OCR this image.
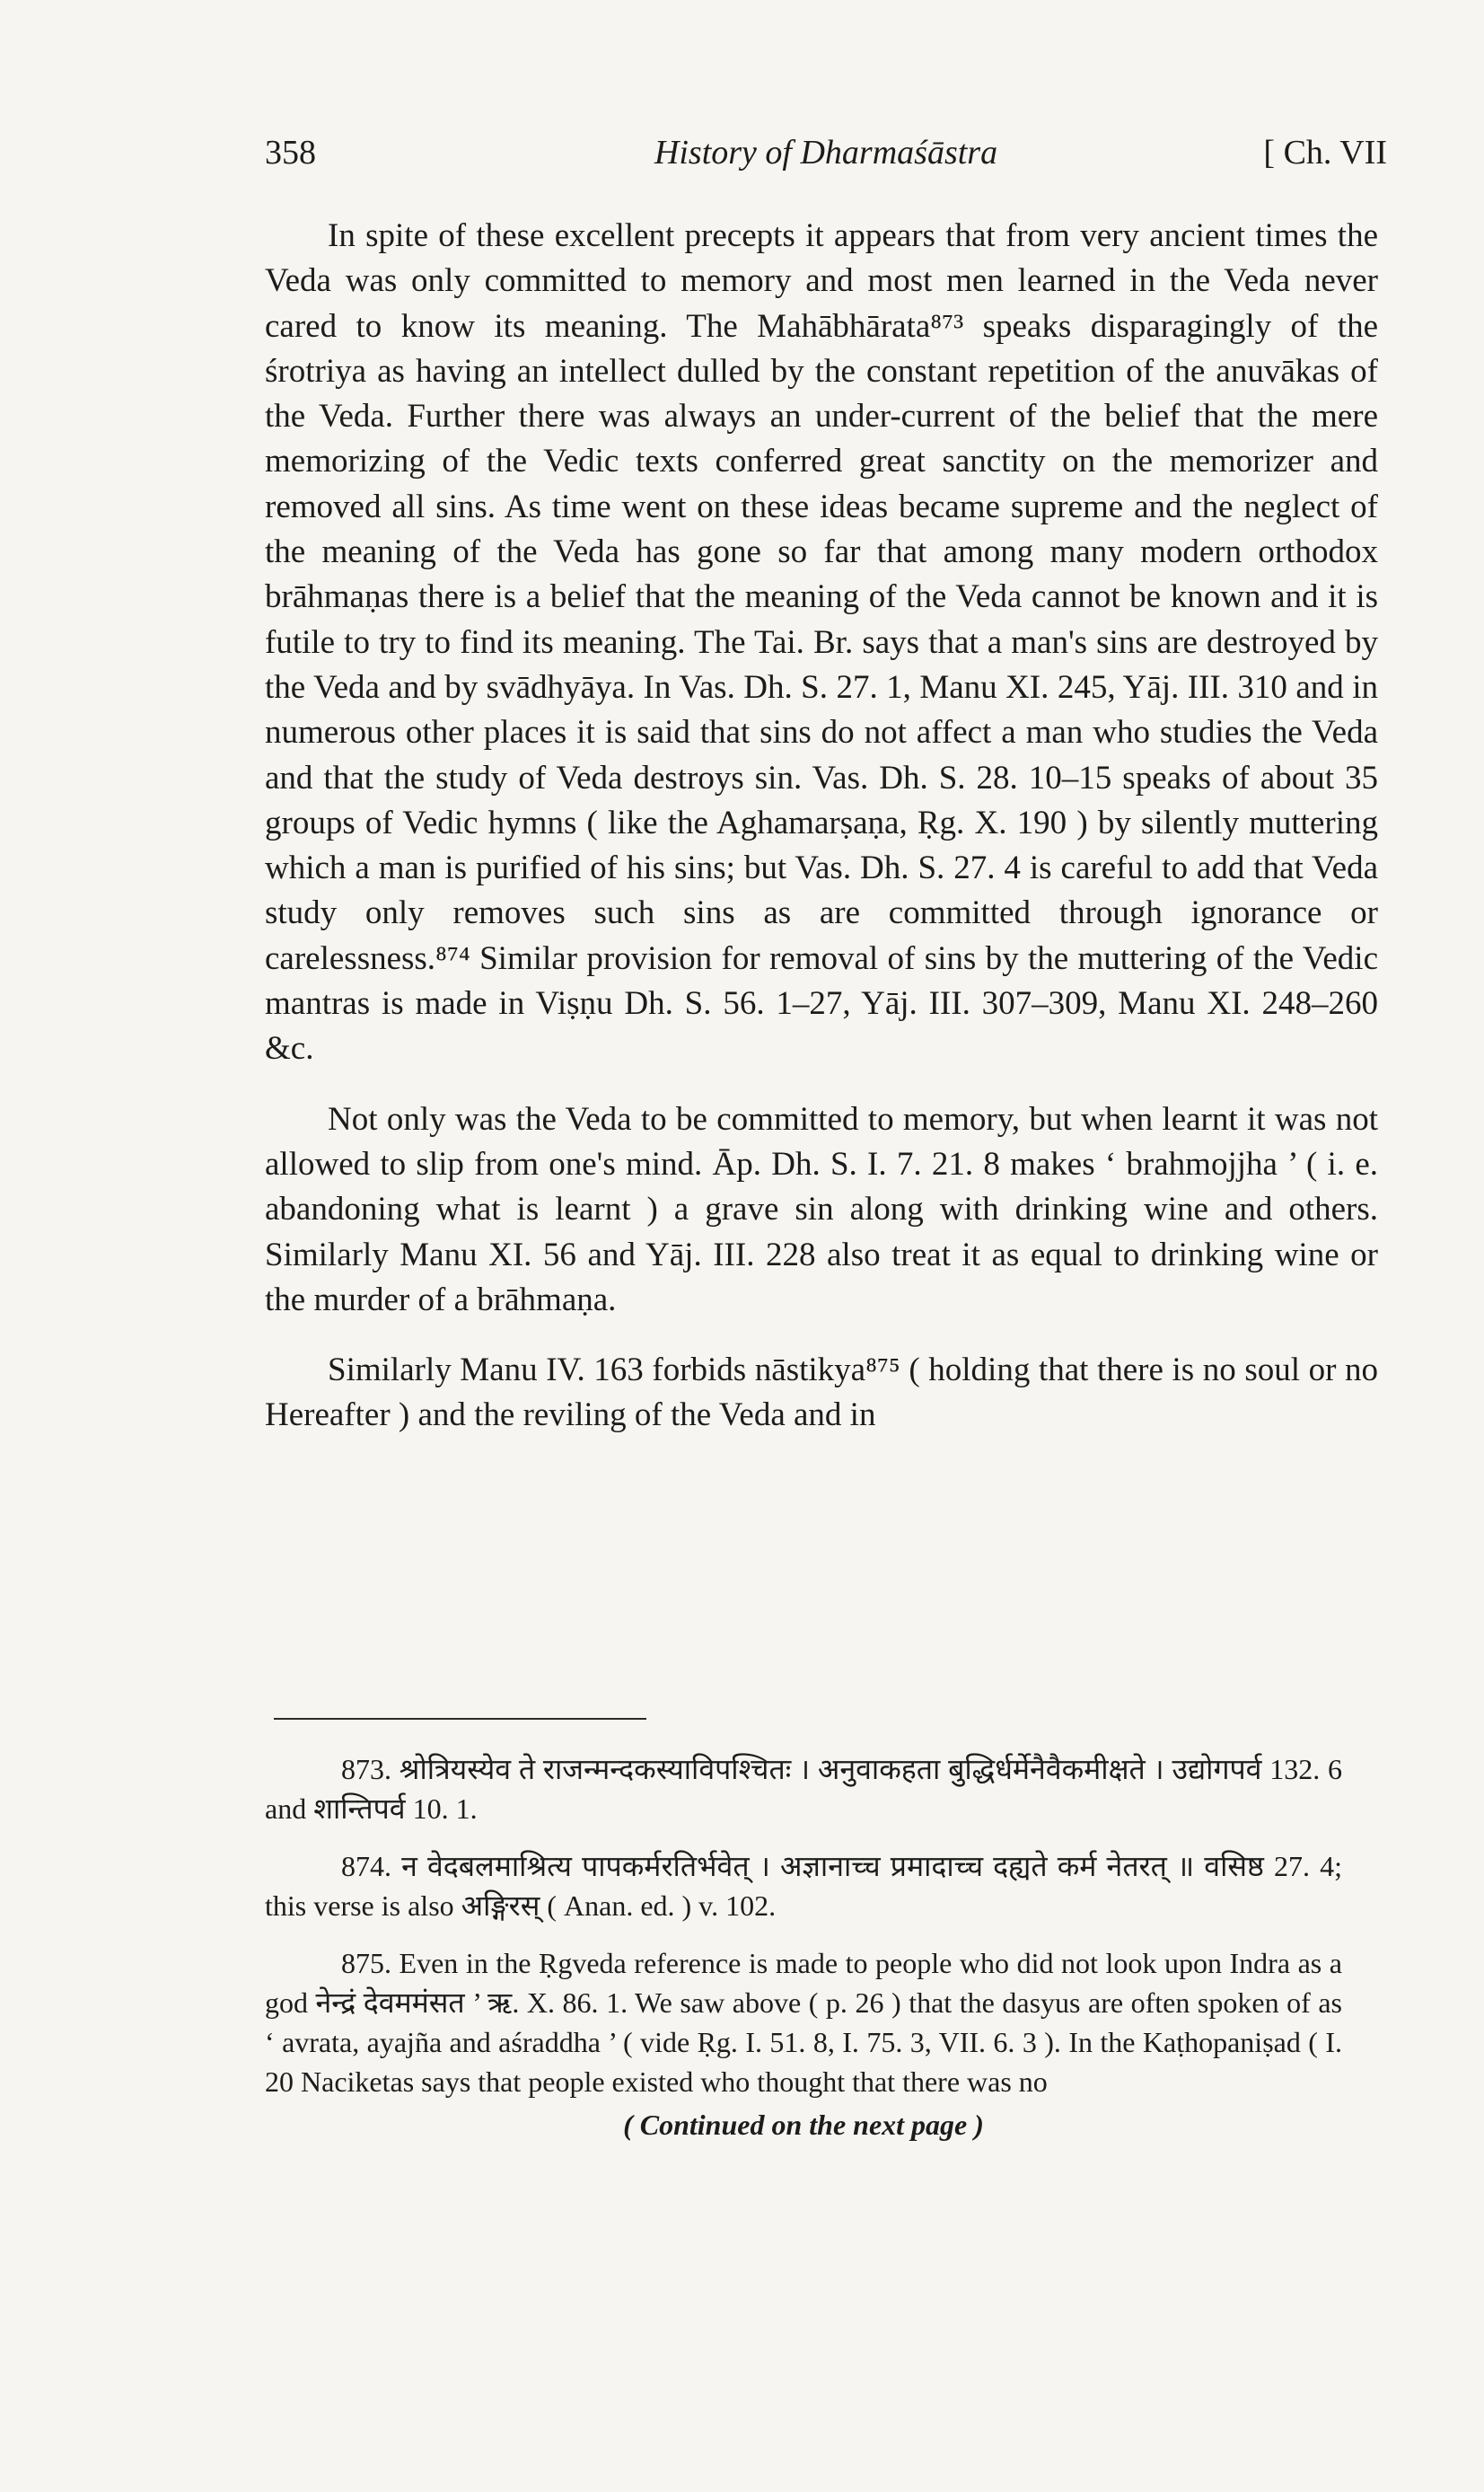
358	History of Dharmaśāstra	[ Ch. VII

In spite of these excellent precepts it appears that from very ancient times the Veda was only committed to memory and most men learned in the Veda never cared to know its meaning. The Mahābhārata⁸⁷³ speaks disparagingly of the śrotriya as having an intellect dulled by the constant repetition of the anuvākas of the Veda. Further there was always an under-current of the belief that the mere memorizing of the Vedic texts conferred great sanctity on the memorizer and removed all sins. As time went on these ideas became supreme and the neglect of the meaning of the Veda has gone so far that among many modern orthodox brāhmaṇas there is a belief that the meaning of the Veda cannot be known and it is futile to try to find its meaning. The Tai. Br. says that a man's sins are destroyed by the Veda and by svādhyāya. In Vas. Dh. S. 27. 1, Manu XI. 245, Yāj. III. 310 and in numerous other places it is said that sins do not affect a man who studies the Veda and that the study of Veda destroys sin. Vas. Dh. S. 28. 10–15 speaks of about 35 groups of Vedic hymns ( like the Aghamarṣaṇa, Ṛg. X. 190 ) by silently muttering which a man is purified of his sins; but Vas. Dh. S. 27. 4 is careful to add that Veda study only removes such sins as are committed through ignorance or carelessness.⁸⁷⁴ Similar provision for removal of sins by the muttering of the Vedic mantras is made in Viṣṇu Dh. S. 56. 1–27, Yāj. III. 307–309, Manu XI. 248–260 &c.

Not only was the Veda to be committed to memory, but when learnt it was not allowed to slip from one's mind. Āp. Dh. S. I. 7. 21. 8 makes ‘ brahmojjha ’ ( i. e. abandoning what is learnt ) a grave sin along with drinking wine and others. Similarly Manu XI. 56 and Yāj. III. 228 also treat it as equal to drinking wine or the murder of a brāhmaṇa.

Similarly Manu IV. 163 forbids nāstikya⁸⁷⁵ ( holding that there is no soul or no Hereafter ) and the reviling of the Veda and in

873. श्रोत्रियस्येव ते राजन्मन्दकस्याविपश्चितः । अनुवाकहता बुद्धिर्धर्मेनैवैकमीक्षते । उद्योगपर्व 132. 6 and शान्तिपर्व 10. 1.

874. न वेदबलमाश्रित्य पापकर्मरतिर्भवेत् । अज्ञानाच्च प्रमादाच्च दह्यते कर्म नेतरत् ॥ वसिष्ठ 27. 4; this verse is also अङ्गिरस् ( Anan. ed. ) v. 102.

875. Even in the Ṛgveda reference is made to people who did not look upon Indra as a god नेन्द्रं देवममंसत ’ ऋ. X. 86. 1. We saw above ( p. 26 ) that the dasyus are often spoken of as ‘ avrata, ayajña and aśraddha ’ ( vide Ṛg. I. 51. 8, I. 75. 3, VII. 6. 3 ). In the Kaṭhopaniṣad ( I. 20 Naciketas says that people existed who thought that there was no

( Continued on the next page )
